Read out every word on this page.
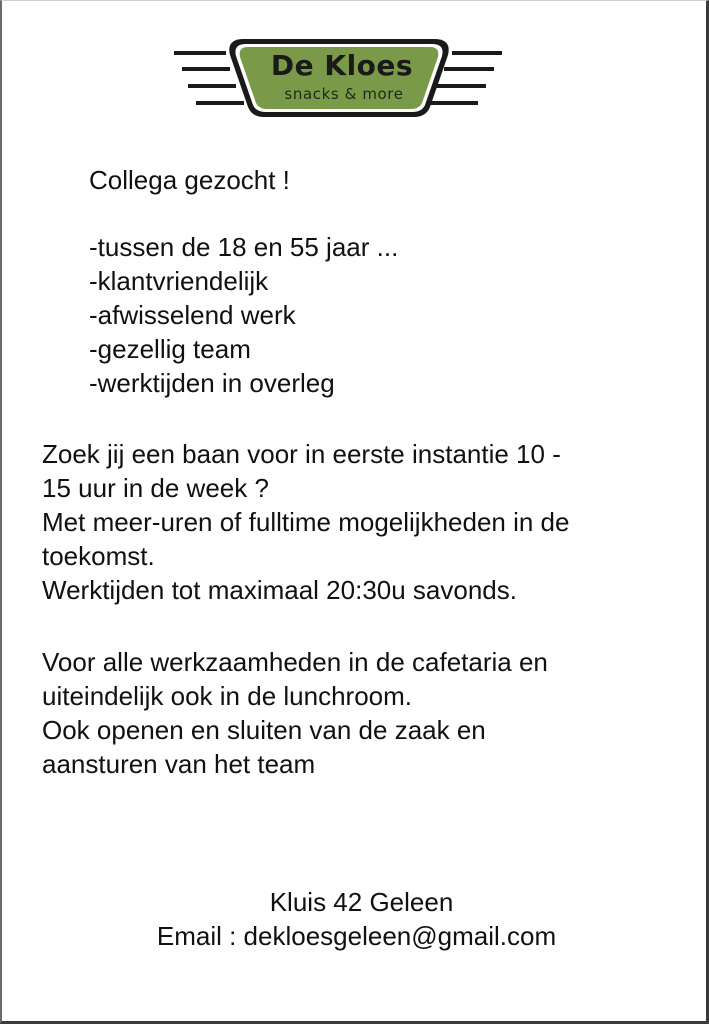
De Kloes
snacks & more
Collega gezocht !
-tussen de 18 en 55 jaar ...
-klantvriendelijk
-afwisselend werk
-gezellig team
-werktijden in overleg
Zoek jij een baan voor in eerste instantie 10 -
15 uur in de week ?
Met meer-uren of fulltime mogelijkheden in de
toekomst.
Werktijden tot maximaal 20:30u savonds.
Voor alle werkzaamheden in de cafetaria en
uiteindelijk ook in de lunchroom.
Ook openen en sluiten van de zaak en
aansturen van het team
Kluis 42 Geleen
Email : dekloesgeleen@gmail.com
